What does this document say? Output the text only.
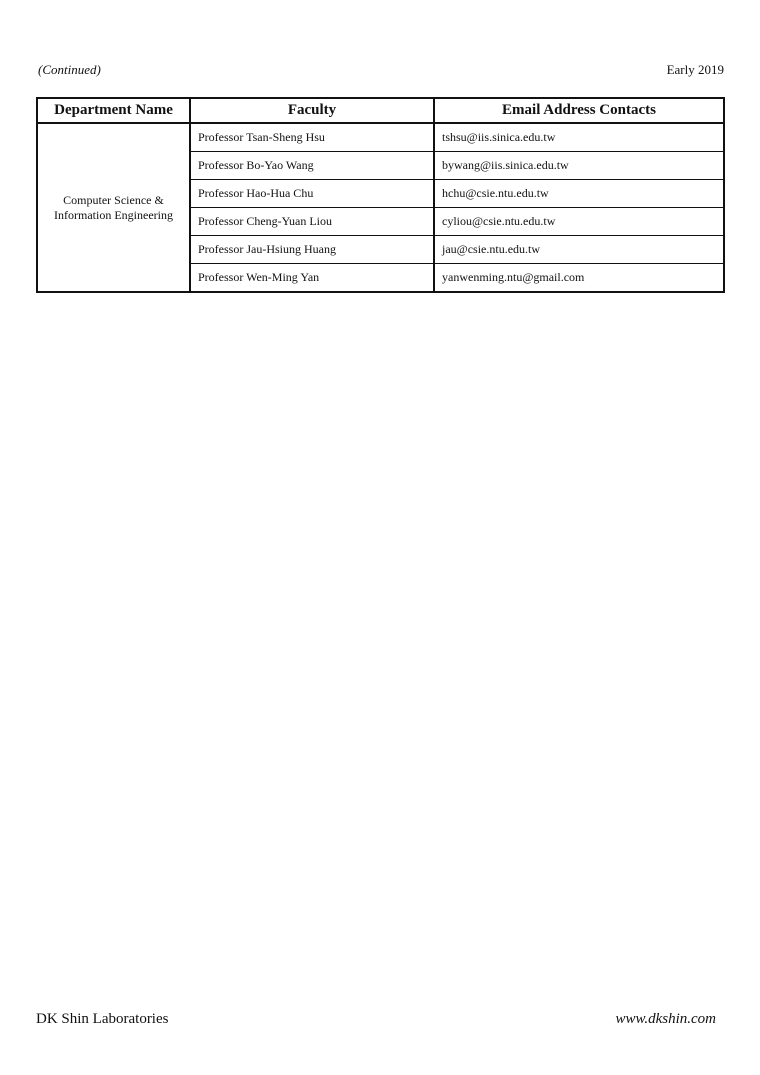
(Continued)	Early 2019
Department Name	Faculty	Email Address Contacts

Computer Science &
Information Engineering	Professor Tsan-Sheng Hsu	tshsu@iis.sinica.edu.tw
	Professor Bo-Yao Wang	bywang@iis.sinica.edu.tw
	Professor Hao-Hua Chu	hchu@csie.ntu.edu.tw
	Professor Cheng-Yuan Liou	cyliou@csie.ntu.edu.tw
	Professor Jau-Hsiung Huang	jau@csie.ntu.edu.tw
	Professor Wen-Ming Yan	yanwenming.ntu@gmail.com
DK Shin Laboratories	www.dkshin.com
